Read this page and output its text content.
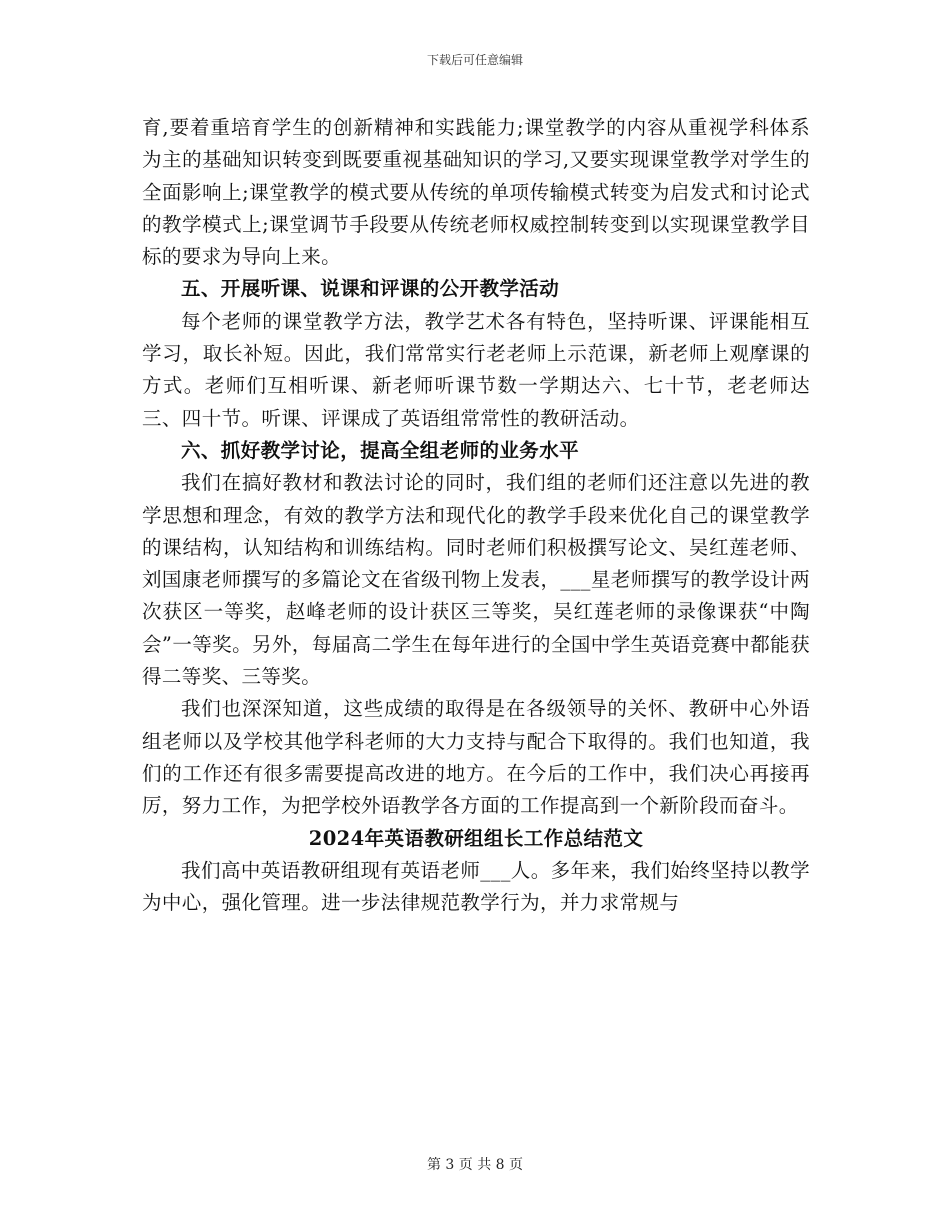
下载后可任意编辑

育,要着重培育学生的创新精神和实践能力;课堂教学的内容从重视学科体系为主的基础知识转变到既要重视基础知识的学习,又要实现课堂教学对学生的全面影响上;课堂教学的模式要从传统的单项传输模式转变为启发式和讨论式的教学模式上;课堂调节手段要从传统老师权威控制转变到以实现课堂教学目标的要求为导向上来。

五、开展听课、说课和评课的公开教学活动

每个老师的课堂教学方法，教学艺术各有特色，坚持听课、评课能相互学习，取长补短。因此，我们常常实行老老师上示范课，新老师上观摩课的方式。老师们互相听课、新老师听课节数一学期达六、七十节，老老师达三、四十节。听课、评课成了英语组常常性的教研活动。

六、抓好教学讨论，提高全组老师的业务水平

我们在搞好教材和教法讨论的同时，我们组的老师们还注意以先进的教学思想和理念，有效的教学方法和现代化的教学手段来优化自己的课堂教学的课结构，认知结构和训练结构。同时老师们积极撰写论文、吴红莲老师、刘国康老师撰写的多篇论文在省级刊物上发表，___星老师撰写的教学设计两次获区一等奖，赵峰老师的设计获区三等奖，吴红莲老师的录像课获“中陶会”一等奖。另外，每届高二学生在每年进行的全国中学生英语竞赛中都能获得二等奖、三等奖。

我们也深深知道，这些成绩的取得是在各级领导的关怀、教研中心外语组老师以及学校其他学科老师的大力支持与配合下取得的。我们也知道，我们的工作还有很多需要提高改进的地方。在今后的工作中，我们决心再接再厉，努力工作，为把学校外语教学各方面的工作提高到一个新阶段而奋斗。

2024年英语教研组组长工作总结范文

我们高中英语教研组现有英语老师___人。多年来，我们始终坚持以教学为中心，强化管理。进一步法律规范教学行为，并力求常规与

第 3 页 共 8 页
